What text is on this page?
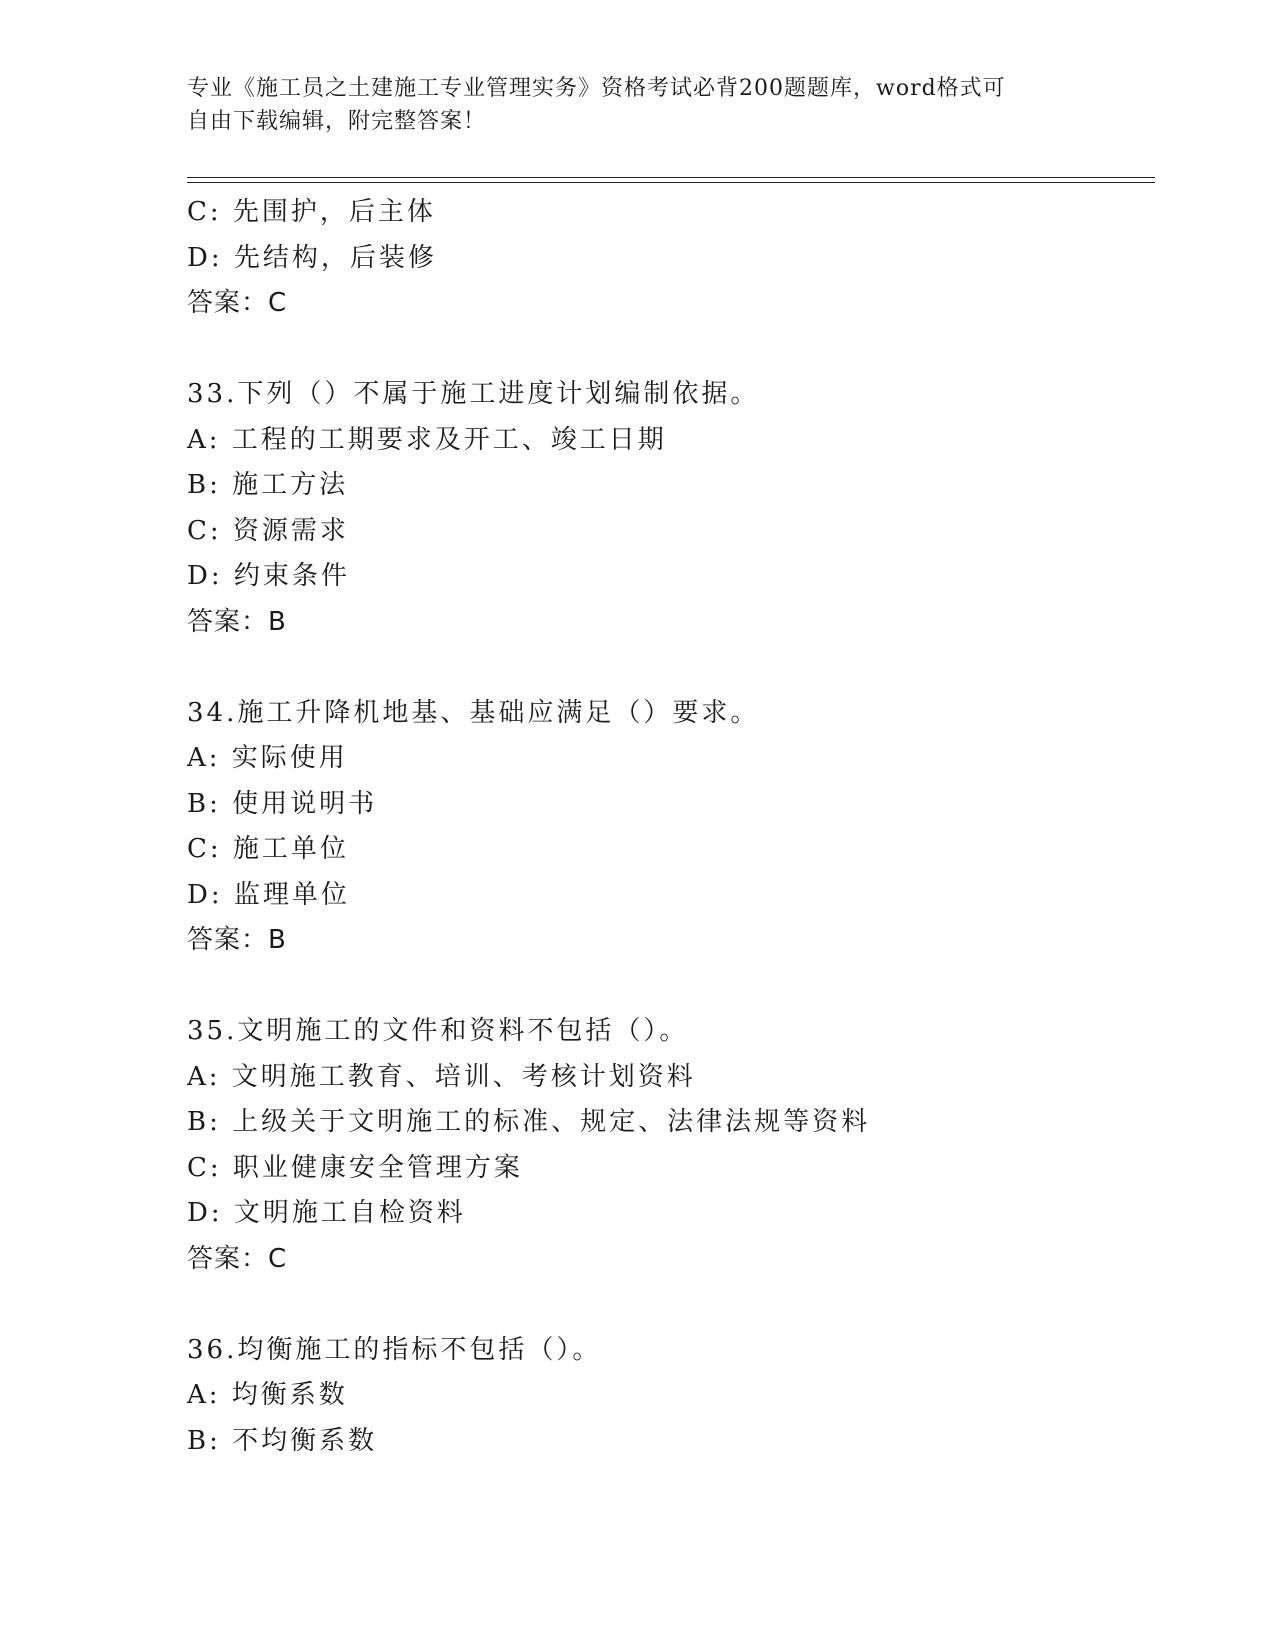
专业《施工员之土建施工专业管理实务》资格考试必背200题题库，word格式可
自由下载编辑，附完整答案！
C: 先围护，后主体
D: 先结构，后装修
答案：C
33.下列（）不属于施工进度计划编制依据。
A: 工程的工期要求及开工、竣工日期
B: 施工方法
C: 资源需求
D: 约束条件
答案：B
34.施工升降机地基、基础应满足（）要求。
A: 实际使用
B: 使用说明书
C: 施工单位
D: 监理单位
答案：B
35.文明施工的文件和资料不包括（）。
A: 文明施工教育、培训、考核计划资料
B: 上级关于文明施工的标准、规定、法律法规等资料
C: 职业健康安全管理方案
D: 文明施工自检资料
答案：C
36.均衡施工的指标不包括（）。
A: 均衡系数
B: 不均衡系数
